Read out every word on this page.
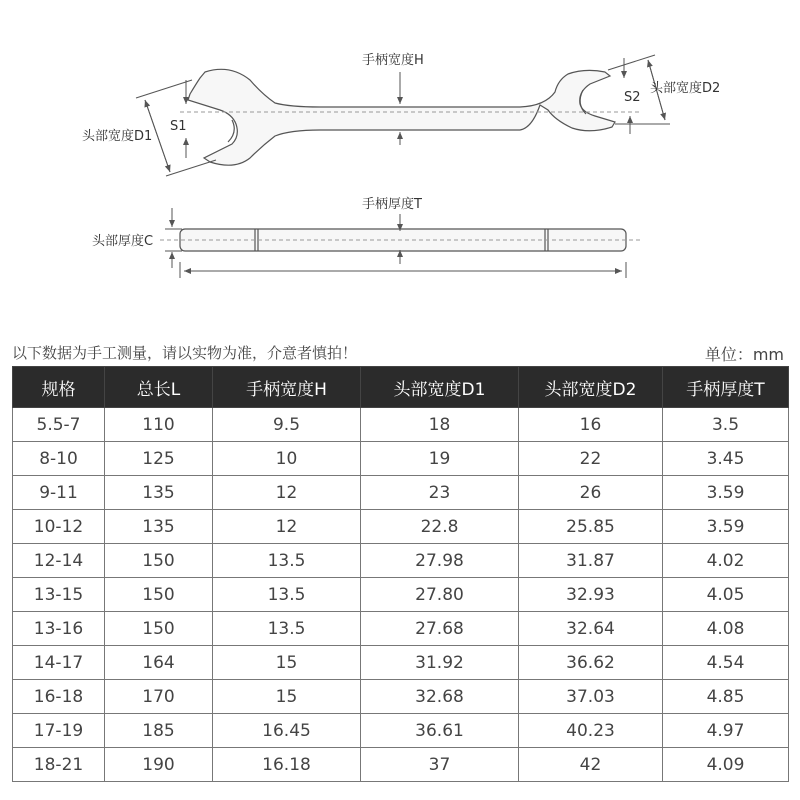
手柄宽度H
头部宽度D1
S1
头部宽度D2
S2
手柄厚度T
头部厚度C
以下数据为手工测量，请以实物为准，介意者慎拍！	单位：mm
规格	总长L	手柄宽度H	头部宽度D1	头部宽度D2	手柄厚度T
5.5-7	110	9.5	18	16	3.5
8-10	125	10	19	22	3.45
9-11	135	12	23	26	3.59
10-12	135	12	22.8	25.85	3.59
12-14	150	13.5	27.98	31.87	4.02
13-15	150	13.5	27.80	32.93	4.05
13-16	150	13.5	27.68	32.64	4.08
14-17	164	15	31.92	36.62	4.54
16-18	170	15	32.68	37.03	4.85
17-19	185	16.45	36.61	40.23	4.97
18-21	190	16.18	37	42	4.09
